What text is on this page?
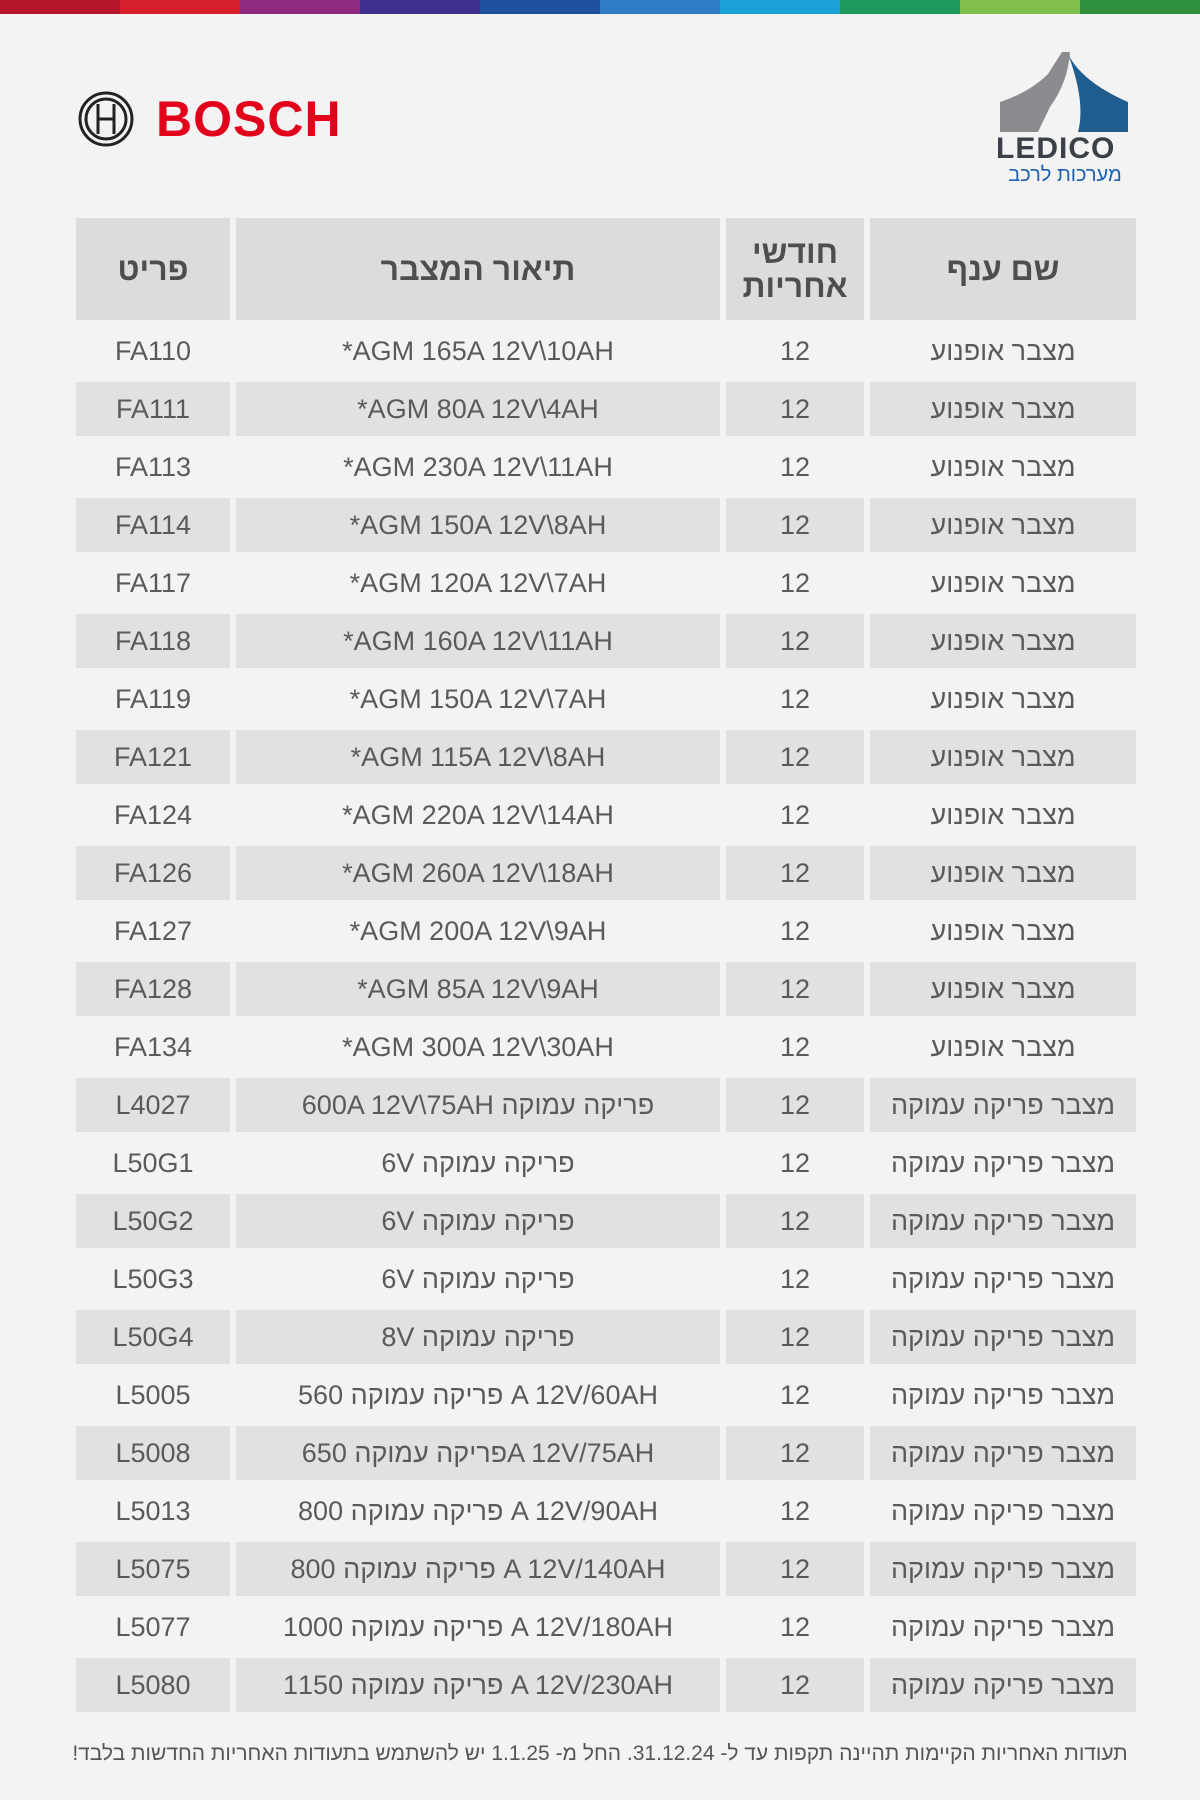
BOSCH
LEDICO
מערכות לרכב
שם ענף	חודשי אחריות	תיאור המצבר	פריט
מצבר אופנוע	12	*AGM 165A 12V\10AH	FA110
מצבר אופנוע	12	*AGM 80A 12V\4AH	FA111
מצבר אופנוע	12	*AGM 230A 12V\11AH	FA113
מצבר אופנוע	12	*AGM 150A 12V\8AH	FA114
מצבר אופנוע	12	*AGM 120A 12V\7AH	FA117
מצבר אופנוע	12	*AGM 160A 12V\11AH	FA118
מצבר אופנוע	12	*AGM 150A 12V\7AH	FA119
מצבר אופנוע	12	*AGM 115A 12V\8AH	FA121
מצבר אופנוע	12	*AGM 220A 12V\14AH	FA124
מצבר אופנוע	12	*AGM 260A 12V\18AH	FA126
מצבר אופנוע	12	*AGM 200A 12V\9AH	FA127
מצבר אופנוע	12	*AGM 85A 12V\9AH	FA128
מצבר אופנוע	12	*AGM 300A 12V\30AH	FA134
מצבר פריקה עמוקה	12	600A 12V\75AH פריקה עמוקה	L4027
מצבר פריקה עמוקה	12	6V פריקה עמוקה	L50G1
מצבר פריקה עמוקה	12	6V פריקה עמוקה	L50G2
מצבר פריקה עמוקה	12	6V פריקה עמוקה	L50G3
מצבר פריקה עמוקה	12	8V פריקה עמוקה	L50G4
מצבר פריקה עמוקה	12	560 פריקה עמוקה A 12V/60AH	L5005
מצבר פריקה עמוקה	12	650 פריקה עמוקהA 12V/75AH	L5008
מצבר פריקה עמוקה	12	800 פריקה עמוקה A 12V/90AH	L5013
מצבר פריקה עמוקה	12	800 פריקה עמוקה A 12V/140AH	L5075
מצבר פריקה עמוקה	12	1000 פריקה עמוקה A 12V/180AH	L5077
מצבר פריקה עמוקה	12	1150 פריקה עמוקה A 12V/230AH	L5080
תעודות האחריות הקיימות תהיינה תקפות עד ל- 31.12.24. החל מ- 1.1.25 יש להשתמש בתעודות האחריות החדשות בלבד!
